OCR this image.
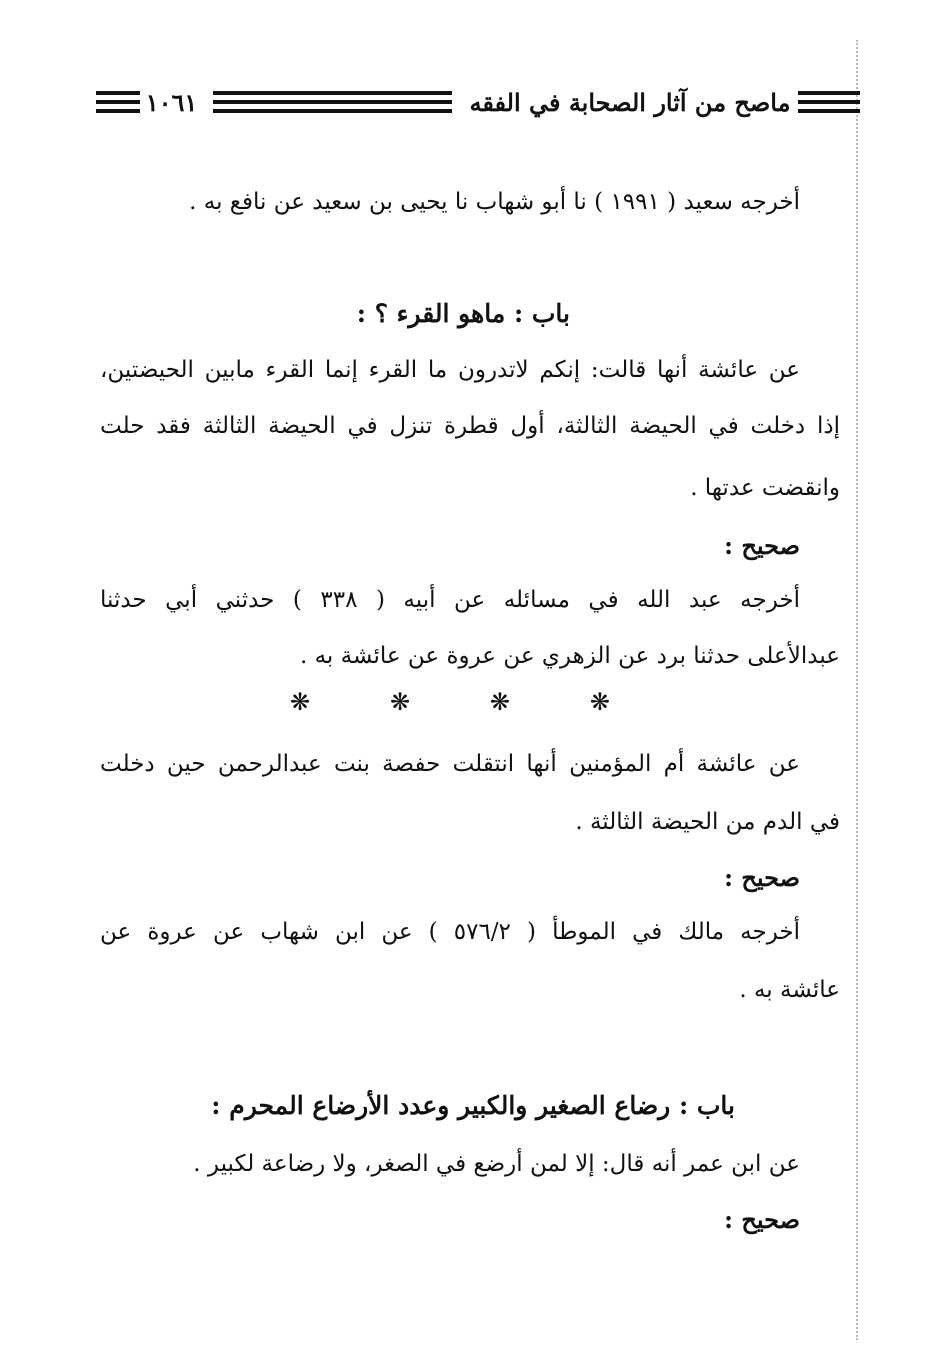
١٠٦١	ماصح من آثار الصحابة في الفقه
أخرجه سعيد ( ١٩٩١ ) نا أبو شهاب نا يحيى بن سعيد عن نافع به .
باب : ماهو القرء ؟ :
عن عائشة أنها قالت: إنكم لاتدرون ما القرء إنما القرء مابين الحيضتين،
إذا دخلت في الحيضة الثالثة، أول قطرة تنزل في الحيضة الثالثة فقد حلت
وانقضت عدتها .
صحيح :
أخرجه عبد الله في مسائله عن أبيه ( ٣٣٨ ) حدثني أبي حدثنا
عبدالأعلى حدثنا برد عن الزهري عن عروة عن عائشة به .
❋	❋	❋	❋
عن عائشة أم المؤمنين أنها انتقلت حفصة بنت عبدالرحمن حين دخلت
في الدم من الحيضة الثالثة .
صحيح :
أخرجه مالك في الموطأ ( ٥٧٦/٢ ) عن ابن شهاب عن عروة عن
عائشة به .
باب : رضاع الصغير والكبير وعدد الأرضاع المحرم :
عن ابن عمر أنه قال: إلا لمن أرضع في الصغر، ولا رضاعة لكبير .
صحيح :
